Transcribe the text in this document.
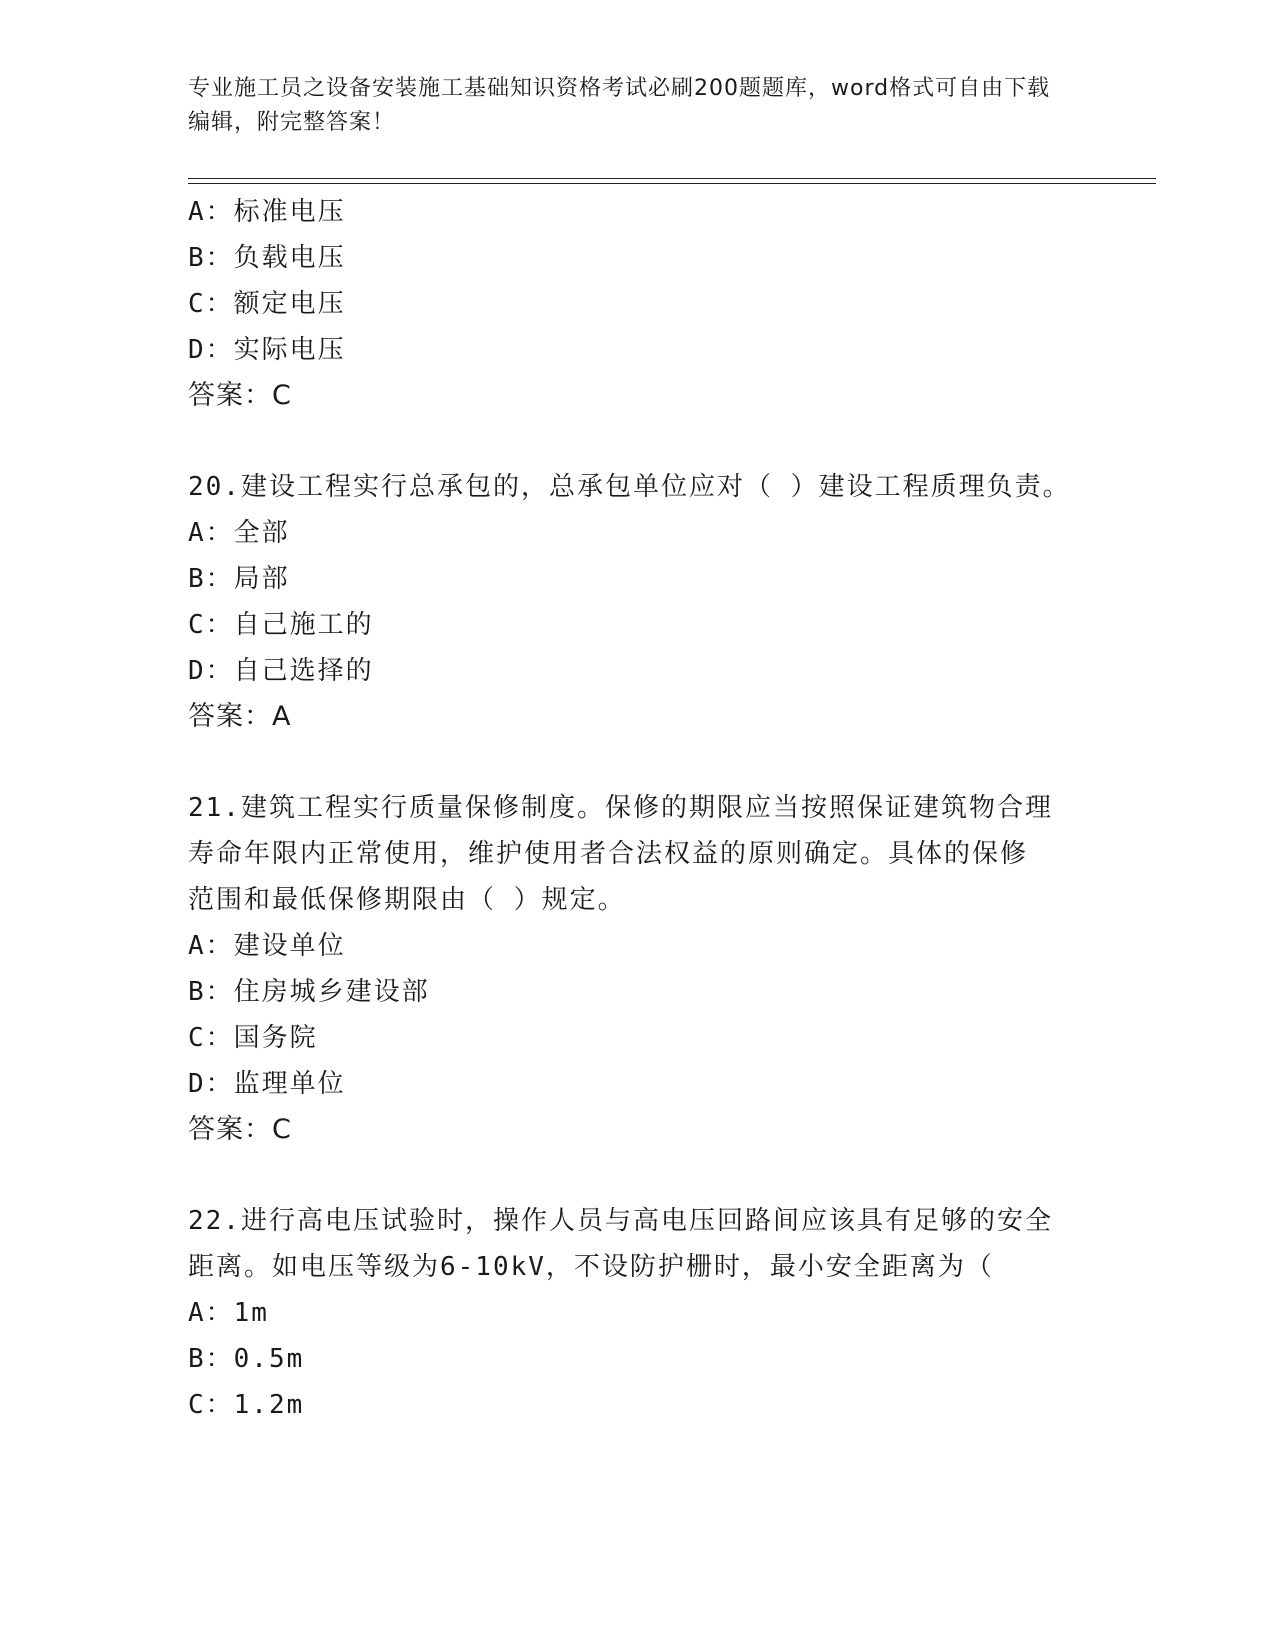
专业施工员之设备安装施工基础知识资格考试必刷200题题库，word格式可自由下载编辑，附完整答案！
A：标准电压
B：负载电压
C：额定电压
D：实际电压
答案：C
20.建设工程实行总承包的，总承包单位应对（ ）建设工程质理负责。
A：全部
B：局部
C：自己施工的
D：自己选择的
答案：A
21.建筑工程实行质量保修制度。保修的期限应当按照保证建筑物合理
寿命年限内正常使用，维护使用者合法权益的原则确定。具体的保修
范围和最低保修期限由（ ）规定。
A：建设单位
B：住房城乡建设部
C：国务院
D：监理单位
答案：C
22.进行高电压试验时，操作人员与高电压回路间应该具有足够的安全
距离。如电压等级为6-10kV，不设防护栅时，最小安全距离为（
A：1m
B：0.5m
C：1.2m
